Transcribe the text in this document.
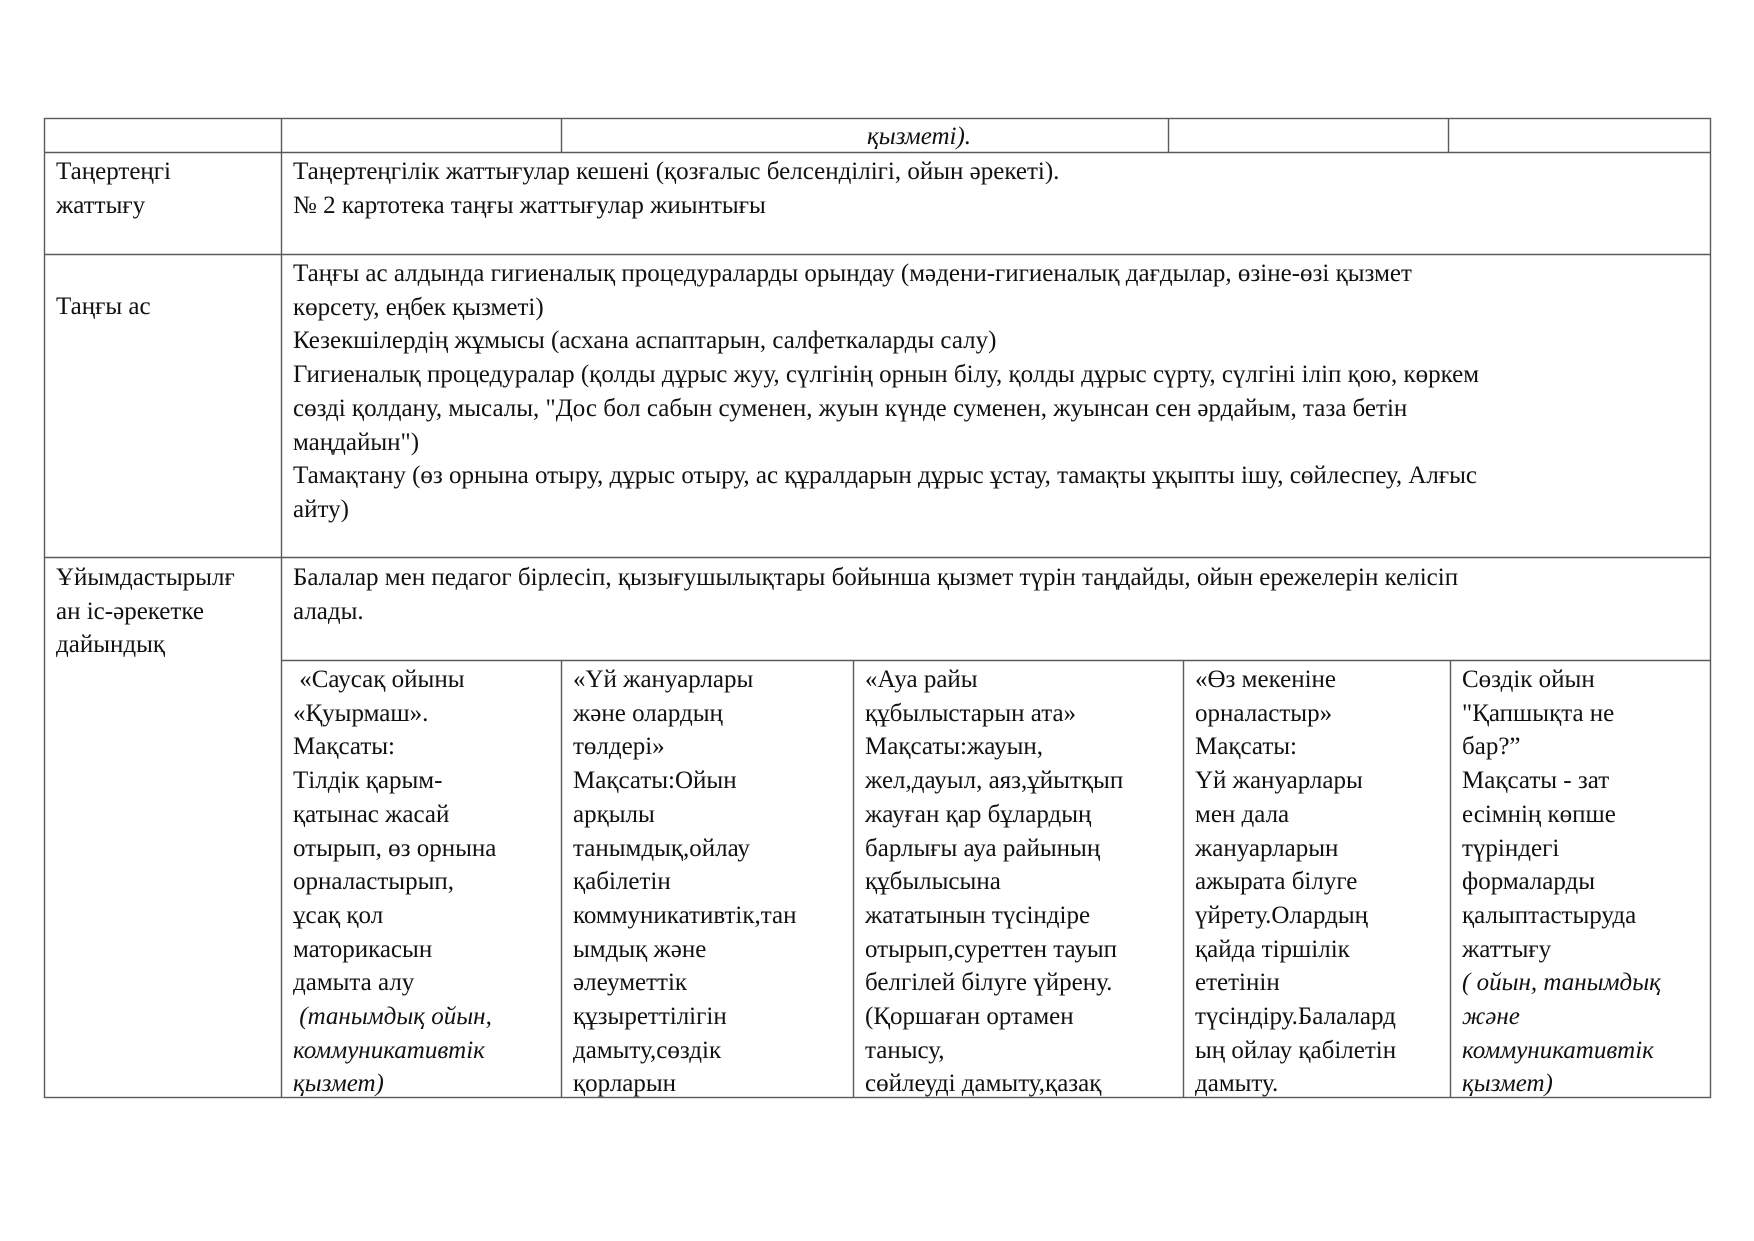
қызметі).
Таңертеңгі
жаттығу
Таңертеңгілік жаттығулар кешені (қозғалыс белсенділігі, ойын әрекеті).
№ 2 картотека таңғы жаттығулар жиынтығы
Таңғы ас
Таңғы ас алдында гигиеналық процедураларды орындау (мәдени-гигиеналық дағдылар, өзіне-өзі қызмет
көрсету, еңбек қызметі)
Кезекшілердің жұмысы (асхана аспаптарын, салфеткаларды салу)
Гигиеналық процедуралар (қолды дұрыс жуу, сүлгінің орнын білу, қолды дұрыс сүрту, сүлгіні іліп қою, көркем
сөзді қолдану, мысалы, "Дос бол сабын суменен, жуын күнде суменен, жуынсан сен әрдайым, таза бетін
маңдайын")
Тамақтану (өз орнына отыру, дұрыс отыру, ас құралдарын дұрыс ұстау, тамақты ұқыпты ішу, сөйлеспеу, Алғыс
айту)
Ұйымдастырылғ
ан іс-әрекетке
дайындық
Балалар мен педагог бірлесіп, қызығушылықтары бойынша қызмет түрін таңдайды, ойын ережелерін келісіп
алады.
«Саусақ ойыны
«Қуырмаш».
Мақсаты:
Тілдік қарым-
қатынас жасай
отырып, өз орнына
орналастырып,
ұсақ қол
маторикасын
дамыта алу
(танымдық ойын,
коммуникативтік
қызмет)
«Үй жануарлары
және олардың
төлдері»
Мақсаты:Ойын
арқылы
танымдық,ойлау
қабілетін
коммуникативтік,тан
ымдық және
әлеуметтік
құзыреттілігін
дамыту,сөздік
қорларын
«Ауа райы
құбылыстарын ата»
Мақсаты:жауын,
жел,дауыл, аяз,ұйытқып
жауған қар бұлардың
барлығы ауа райының
құбылысына
жататынын түсіндіре
отырып,суреттен тауып
белгілей білуге үйрену.
(Қоршаған ортамен
танысу,
сөйлеуді дамыту,қазақ
«Өз мекеніне
орналастыр»
Мақсаты:
Үй жануарлары
мен дала
жануарларын
ажырата білуге
үйрету.Олардың
қайда тіршілік
ететінін
түсіндіру.Балалард
ың ойлау қабілетін
дамыту.
Сөздік ойын
"Қапшықта не
бар?”
Мақсаты - зат
есімнің көпше
түріндегі
формаларды
қалыптастыруда
жаттығу
( ойын, танымдық
және
коммуникативтік
қызмет)
